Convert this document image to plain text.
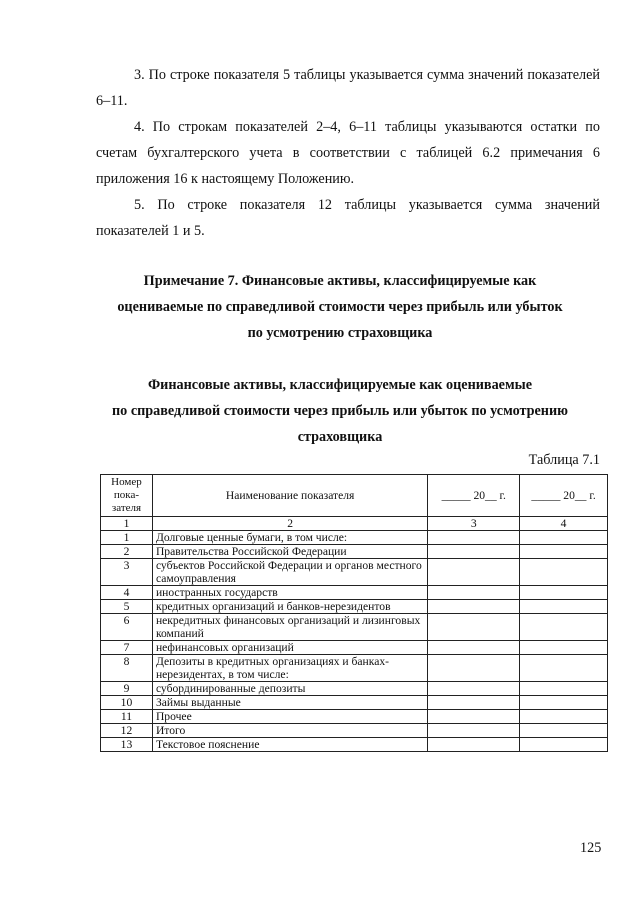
3. По строке показателя 5 таблицы указывается сумма значений показателей 6–11.

4. По строкам показателей 2–4, 6–11 таблицы указываются остатки по счетам бухгалтерского учета в соответствии с таблицей 6.2 примечания 6 приложения 16 к настоящему Положению.

5. По строке показателя 12 таблицы указывается сумма значений показателей 1 и 5.

Примечание 7. Финансовые активы, классифицируемые как
оцениваемые по справедливой стоимости через прибыль или убыток
по усмотрению страховщика
Финансовые активы, классифицируемые как оцениваемые
по справедливой стоимости через прибыль или убыток по усмотрению
страховщика
Таблица 7.1
Номер пока- зателя	Наименование показателя	_____ 20__ г.	_____ 20__ г.
1	2	3	4
1	Долговые ценные бумаги, в том числе:		
2	Правительства Российской Федерации		
3	субъектов Российской Федерации и органов местного самоуправления		
4	иностранных государств		
5	кредитных организаций и банков-нерезидентов		
6	некредитных финансовых организаций и лизинговых компаний		
7	нефинансовых организаций		
8	Депозиты в кредитных организациях и банках-нерезидентах, в том числе:		
9	субординированные депозиты		
10	Займы выданные		
11	Прочее		
12	Итого		
13	Текстовое пояснение		
125
